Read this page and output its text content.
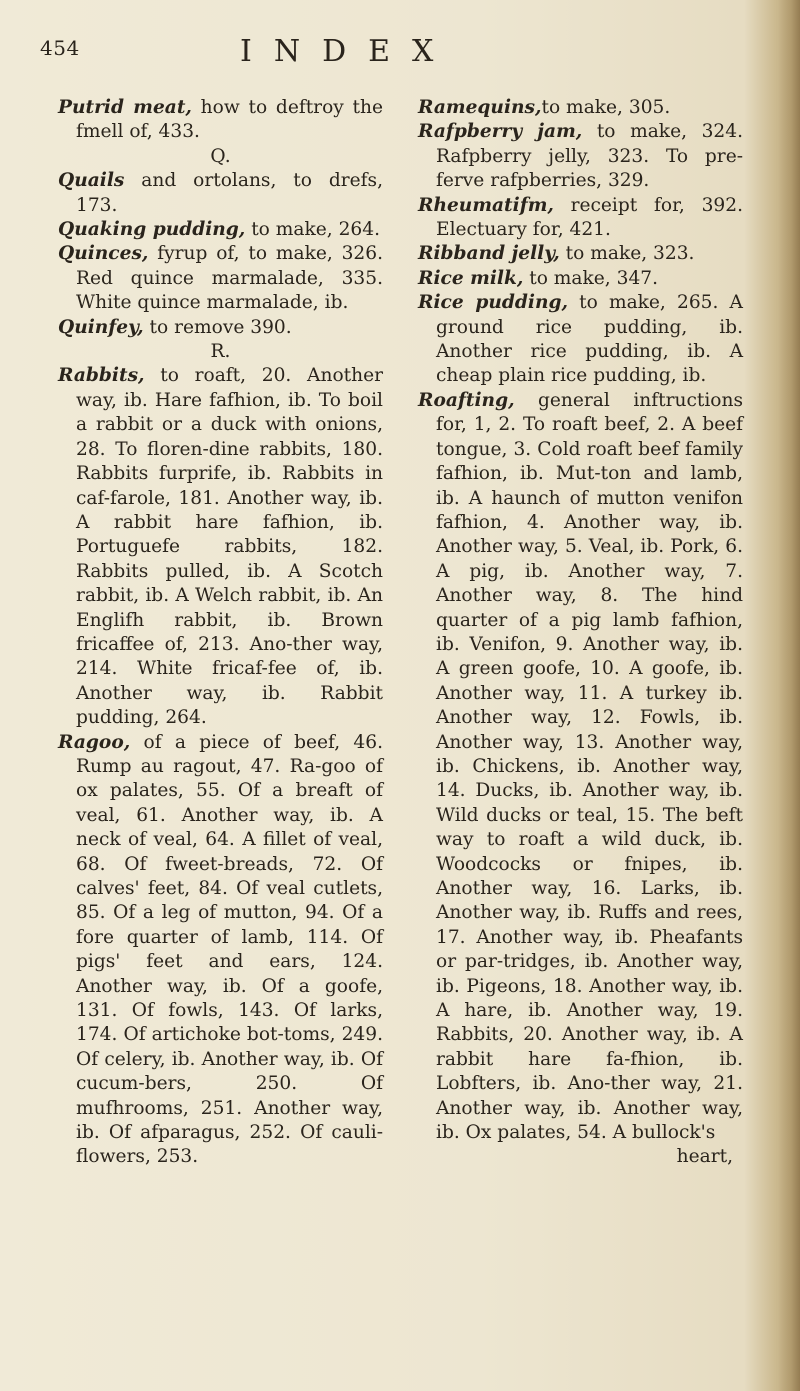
454	INDEX

Putrid meat, how to deftroy the fmell of, 433.

Q.

Quails and ortolans, to drefs, 173.

Quaking pudding, to make, 264.

Quinces, fyrup of, to make, 326. Red quince marmalade, 335. White quince marmalade, ib.

Quinfey, to remove 390.

R.

Rabbits, to roaft, 20. Another way, ib. Hare fafhion, ib. To boil a rabbit or a duck with onions, 28. To floren-dine rabbits, 180. Rabbits furprife, ib. Rabbits in caf-farole, 181. Another way, ib. A rabbit hare fafhion, ib. Portuguefe rabbits, 182. Rabbits pulled, ib. A Scotch rabbit, ib. A Welch rabbit, ib. An Englifh rabbit, ib. Brown fricaffee of, 213. Ano-ther way, 214. White fricaf-fee of, ib. Another way, ib. Rabbit pudding, 264.

Ragoo, of a piece of beef, 46. Rump au ragout, 47. Ra-goo of ox palates, 55. Of a breaft of veal, 61. Another way, ib. A neck of veal, 64. A fillet of veal, 68. Of fweet-breads, 72. Of calves' feet, 84. Of veal cutlets, 85. Of a leg of mutton, 94. Of a fore quarter of lamb, 114. Of pigs' feet and ears, 124. Another way, ib. Of a goofe, 131. Of fowls, 143. Of larks, 174. Of artichoke bot-toms, 249. Of celery, ib. Another way, ib. Of cucum-bers, 250. Of mufhrooms, 251. Another way, ib. Of afparagus, 252. Of cauli-flowers, 253.

Ramequins,to make, 305.

Rafpberry jam, to make, 324. Rafpberry jelly, 323. To pre-ferve rafpberries, 329.

Rheumatifm, receipt for, 392. Electuary for, 421.

Ribband jelly, to make, 323.

Rice milk, to make, 347.

Rice pudding, to make, 265. A ground rice pudding, ib. Another rice pudding, ib. A cheap plain rice pudding, ib.

Roafting, general inftructions for, 1, 2. To roaft beef, 2. A beef tongue, 3. Cold roaft beef family fafhion, ib. Mut-ton and lamb, ib. A haunch of mutton venifon fafhion, 4. Another way, ib. Another way, 5. Veal, ib. Pork, 6. A pig, ib. Another way, 7. Another way, 8. The hind quarter of a pig lamb fafhion, ib. Venifon, 9. Another way, ib. A green goofe, 10. A goofe, ib. Another way, 11. A turkey ib. Another way, 12. Fowls, ib. Another way, 13. Another way, ib. Chickens, ib. Another way, 14. Ducks, ib. Another way, ib. Wild ducks or teal, 15. The beft way to roaft a wild duck, ib. Woodcocks or fnipes, ib. Another way, 16. Larks, ib. Another way, ib. Ruffs and rees, 17. Another way, ib. Pheafants or par-tridges, ib. Another way, ib. Pigeons, 18. Another way, ib. A hare, ib. Another way, 19. Rabbits, 20. Another way, ib. A rabbit hare fa-fhion, ib. Lobfters, ib. Ano-ther way, 21. Another way, ib. Another way, ib. Ox palates, 54. A bullock's

heart,
